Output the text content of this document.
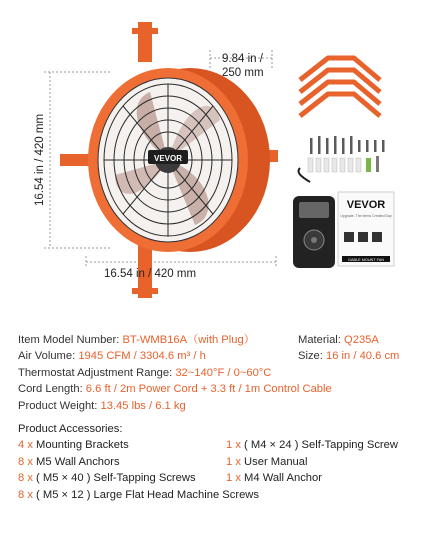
VEVOR
9.84 in /
250 mm
16.54 in / 420 mm
16.54 in / 420 mm
VEVOR
Upgrade. The Items Created Day
GABLE MOUNT FAN
Item Model Number: BT-WMB16A（with Plug）	Material: Q235A
Air Volume: 1945 CFM / 3304.6 m³ / h	Size: 16 in / 40.6 cm
Thermostat Adjustment Range: 32~140°F / 0~60°C
Cord Length: 6.6 ft / 2m Power Cord + 3.3 ft / 1m Control Cable
Product Weight: 13.45 lbs / 6.1 kg
Product Accessories:
4 x Mounting Brackets	1 x ( M4 × 24 ) Self-Tapping Screw
8 x M5 Wall Anchors	1 x User Manual
8 x ( M5 × 40 ) Self-Tapping Screws	1 x M4 Wall Anchor
8 x ( M5 × 12 ) Large Flat Head Machine Screws
